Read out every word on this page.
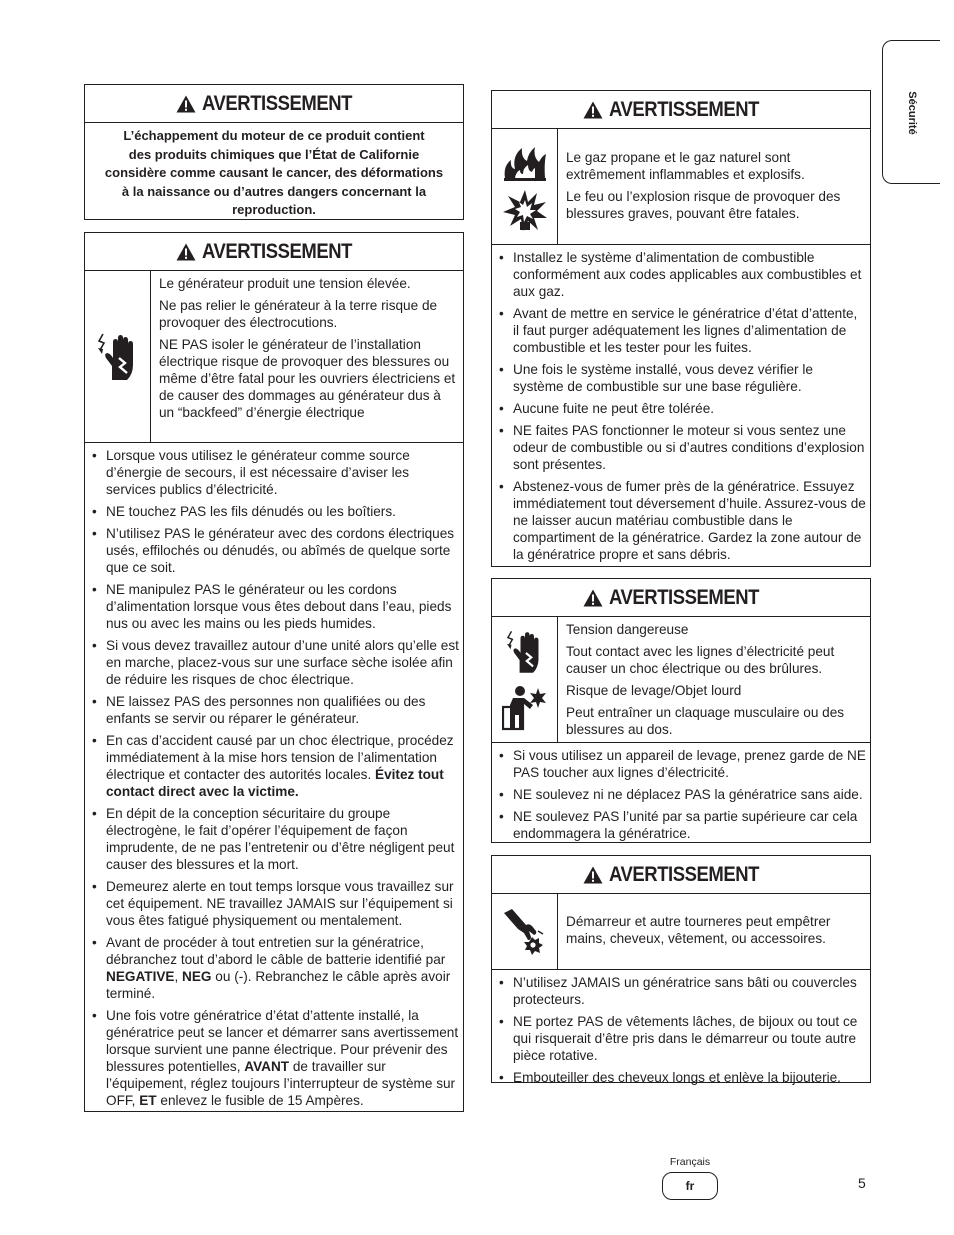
Sécurité
AVERTISSEMENT
L’échappement du moteur de ce produit contient
des produits chimiques que l’État de Californie
considère comme causant le cancer, des déformations
à la naissance ou d’autres dangers concernant la
reproduction.
AVERTISSEMENT

Le générateur produit une tension élevée.

Ne pas relier le générateur à la terre risque de provoquer des électrocutions.

NE PAS isoler le générateur de l’installation électrique risque de provoquer des blessures ou même d’être fatal pour les ouvriers électriciens et de causer des dommages au générateur dus à un “backfeed” d’énergie électrique

• Lorsque vous utilisez le générateur comme source d’énergie de secours, il est nécessaire d’aviser les services publics d’électricité.
• NE touchez PAS les fils dénudés ou les boîtiers.
• N’utilisez PAS le générateur avec des cordons électriques usés, effilochés ou dénudés, ou abîmés de quelque sorte que ce soit.
• NE manipulez PAS le générateur ou les cordons d’alimentation lorsque vous êtes debout dans l’eau, pieds nus ou avec les mains ou les pieds humides.
• Si vous devez travaillez autour d’une unité alors qu’elle est en marche, placez-vous sur une surface sèche isolée afin de réduire les risques de choc électrique.
• NE laissez PAS des personnes non qualifiées ou des enfants se servir ou réparer le générateur.
• En cas d’accident causé par un choc électrique, procédez immédiatement à la mise hors tension de l’alimentation électrique et contacter des autorités locales. Évitez tout contact direct avec la victime.
• En dépit de la conception sécuritaire du groupe électrogène, le fait d’opérer l’équipement de façon imprudente, de ne pas l’entretenir ou d’être négligent peut causer des blessures et la mort.
• Demeurez alerte en tout temps lorsque vous travaillez sur cet équipement. NE travaillez JAMAIS sur l’équipement si vous êtes fatigué physiquement ou mentalement.
• Avant de procéder à tout entretien sur la génératrice, débranchez tout d’abord le câble de batterie identifié par NEGATIVE, NEG ou (-). Rebranchez le câble après avoir terminé.
• Une fois votre génératrice d’état d’attente installé, la génératrice peut se lancer et démarrer sans avertissement lorsque survient une panne électrique. Pour prévenir des blessures potentielles, AVANT de travailler sur l’équipement, réglez toujours l’interrupteur de système sur OFF, ET enlevez le fusible de 15 Ampères.
AVERTISSEMENT

Le gaz propane et le gaz naturel sont extrêmement inflammables et explosifs.

Le feu ou l’explosion risque de provoquer des blessures graves, pouvant être fatales.

• Installez le système d’alimentation de combustible conformément aux codes applicables aux combustibles et aux gaz.
• Avant de mettre en service le génératrice d’état d’attente, il faut purger adéquatement les lignes d’alimentation de combustible et les tester pour les fuites.
• Une fois le système installé, vous devez vérifier le système de combustible sur une base régulière.
• Aucune fuite ne peut être tolérée.
• NE faites PAS fonctionner le moteur si vous sentez une odeur de combustible ou si d’autres conditions d’explosion sont présentes.
• Abstenez-vous de fumer près de la génératrice. Essuyez immédiatement tout déversement d’huile. Assurez-vous de ne laisser aucun matériau combustible dans le compartiment de la génératrice. Gardez la zone autour de la génératrice propre et sans débris.
AVERTISSEMENT

Tension dangereuse

Tout contact avec les lignes d’électricité peut causer un choc électrique ou des brûlures.

Risque de levage/Objet lourd

Peut entraîner un claquage musculaire ou des blessures au dos.

• Si vous utilisez un appareil de levage, prenez garde de NE PAS toucher aux lignes d’électricité.
• NE soulevez ni ne déplacez PAS la génératrice sans aide.
• NE soulevez PAS l’unité par sa partie supérieure car cela endommagera la génératrice.
AVERTISSEMENT

Démarreur et autre tourneres peut empêtrer mains, cheveux, vêtement, ou accessoires.

• N’utilisez JAMAIS un génératrice sans bâti ou couvercles protecteurs.
• NE portez PAS de vêtements lâches, de bijoux ou tout ce qui risquerait d’être pris dans le démarreur ou toute autre pièce rotative.
• Embouteiller des cheveux longs et enlève la bijouterie.
Français
fr	5
